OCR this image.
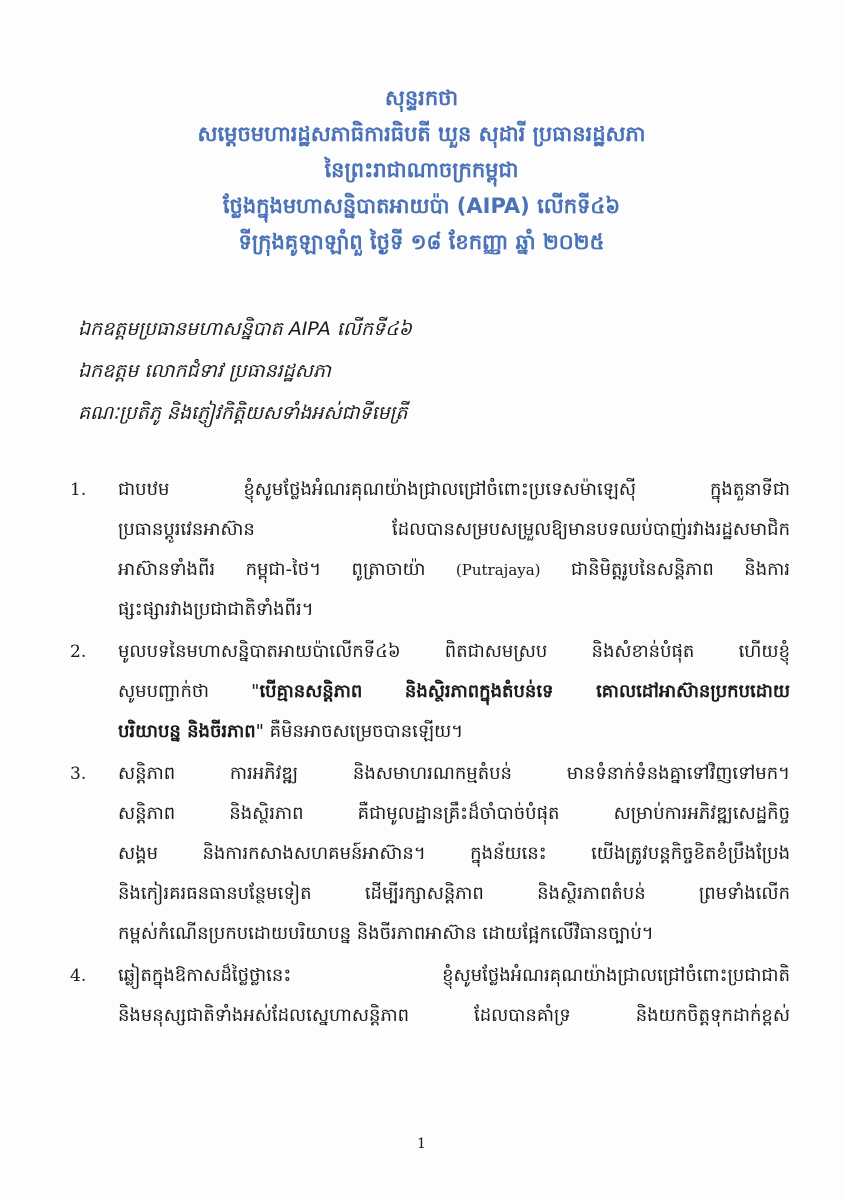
សុន្ទរកថា
សម្តេចមហារដ្ឋសភាធិការធិបតី ឃួន សុដារី ប្រធានរដ្ឋសភា
នៃព្រះរាជាណាចក្រកម្ពុជា
ថ្លែងក្នុងមហាសន្និបាតអាយប៉ា (AIPA) លើកទី៤៦
ទីក្រុងគូឡាឡាំពួ ថ្ងៃទី ១៨ ខែកញ្ញា ឆ្នាំ ២០២៥
ឯកឧត្តមប្រធានមហាសន្និបាត AIPA លើកទី៤៦
ឯកឧត្តម លោកជំទាវ ប្រធានរដ្ឋសភា
គណៈប្រតិភូ និងភ្ញៀវកិត្តិយសទាំងអស់ជាទីមេត្រី
1.	ជាបឋម ខ្ញុំសូមថ្លែងអំណរគុណយ៉ាងជ្រាលជ្រៅចំពោះប្រទេសម៉ាឡេស៊ី ក្នុងតួនាទីជា
ប្រធានប្តូរវេនអាស៊ាន ដែលបានសម្របសម្រួលឱ្យមានបទឈប់បាញ់រវាងរដ្ឋសមាជិក
អាស៊ានទាំងពីរ កម្ពុជា-ថៃ។ ពូត្រាចាយ៉ា (Putrajaya) ជានិមិត្តរូបនៃសន្តិភាព និងការ
ផ្សះផ្សារវាងប្រជាជាតិទាំងពីរ។
2.	មូលបទនៃមហាសន្និបាតអាយប៉ាលើកទី៤៦ ពិតជាសមស្រប និងសំខាន់បំផុត ហើយខ្ញុំ
សូមបញ្ជាក់ថា "បើគ្មានសន្តិភាព និងស្ថិរភាពក្នុងតំបន់ទេ គោលដៅអាស៊ានប្រកបដោយ
បរិយាបន្ន និងចីរភាព" គឺមិនអាចសម្រេចបានឡើយ។
3.	សន្តិភាព ការអភិវឌ្ឍ និងសមាហរណកម្មតំបន់ មានទំនាក់ទំនងគ្នាទៅវិញទៅមក។
សន្តិភាព និងស្ថិរភាព គឺជាមូលដ្ឋានគ្រឹះដ៏ចាំបាច់បំផុត សម្រាប់ការអភិវឌ្ឍសេដ្ឋកិច្ច
សង្គម និងការកសាងសហគមន៍អាស៊ាន។ ក្នុងន័យនេះ យើងត្រូវបន្តកិច្ចខិតខំប្រឹងប្រែង
និងកៀរគរធនធានបន្ថែមទៀត ដើម្បីរក្សាសន្តិភាព និងស្ថិរភាពតំបន់ ព្រមទាំងលើក
កម្ពស់កំណើនប្រកបដោយបរិយាបន្ន និងចីរភាពអាស៊ាន ដោយផ្អែកលើវិធានច្បាប់។
4.	ឆ្លៀតក្នុងឱកាសដ៏ថ្លៃថ្លានេះ ខ្ញុំសូមថ្លែងអំណរគុណយ៉ាងជ្រាលជ្រៅចំពោះប្រជាជាតិ
និងមនុស្សជាតិទាំងអស់ដែលស្នេហាសន្តិភាព ដែលបានគាំទ្រ និងយកចិត្តទុកដាក់ខ្ពស់
1
